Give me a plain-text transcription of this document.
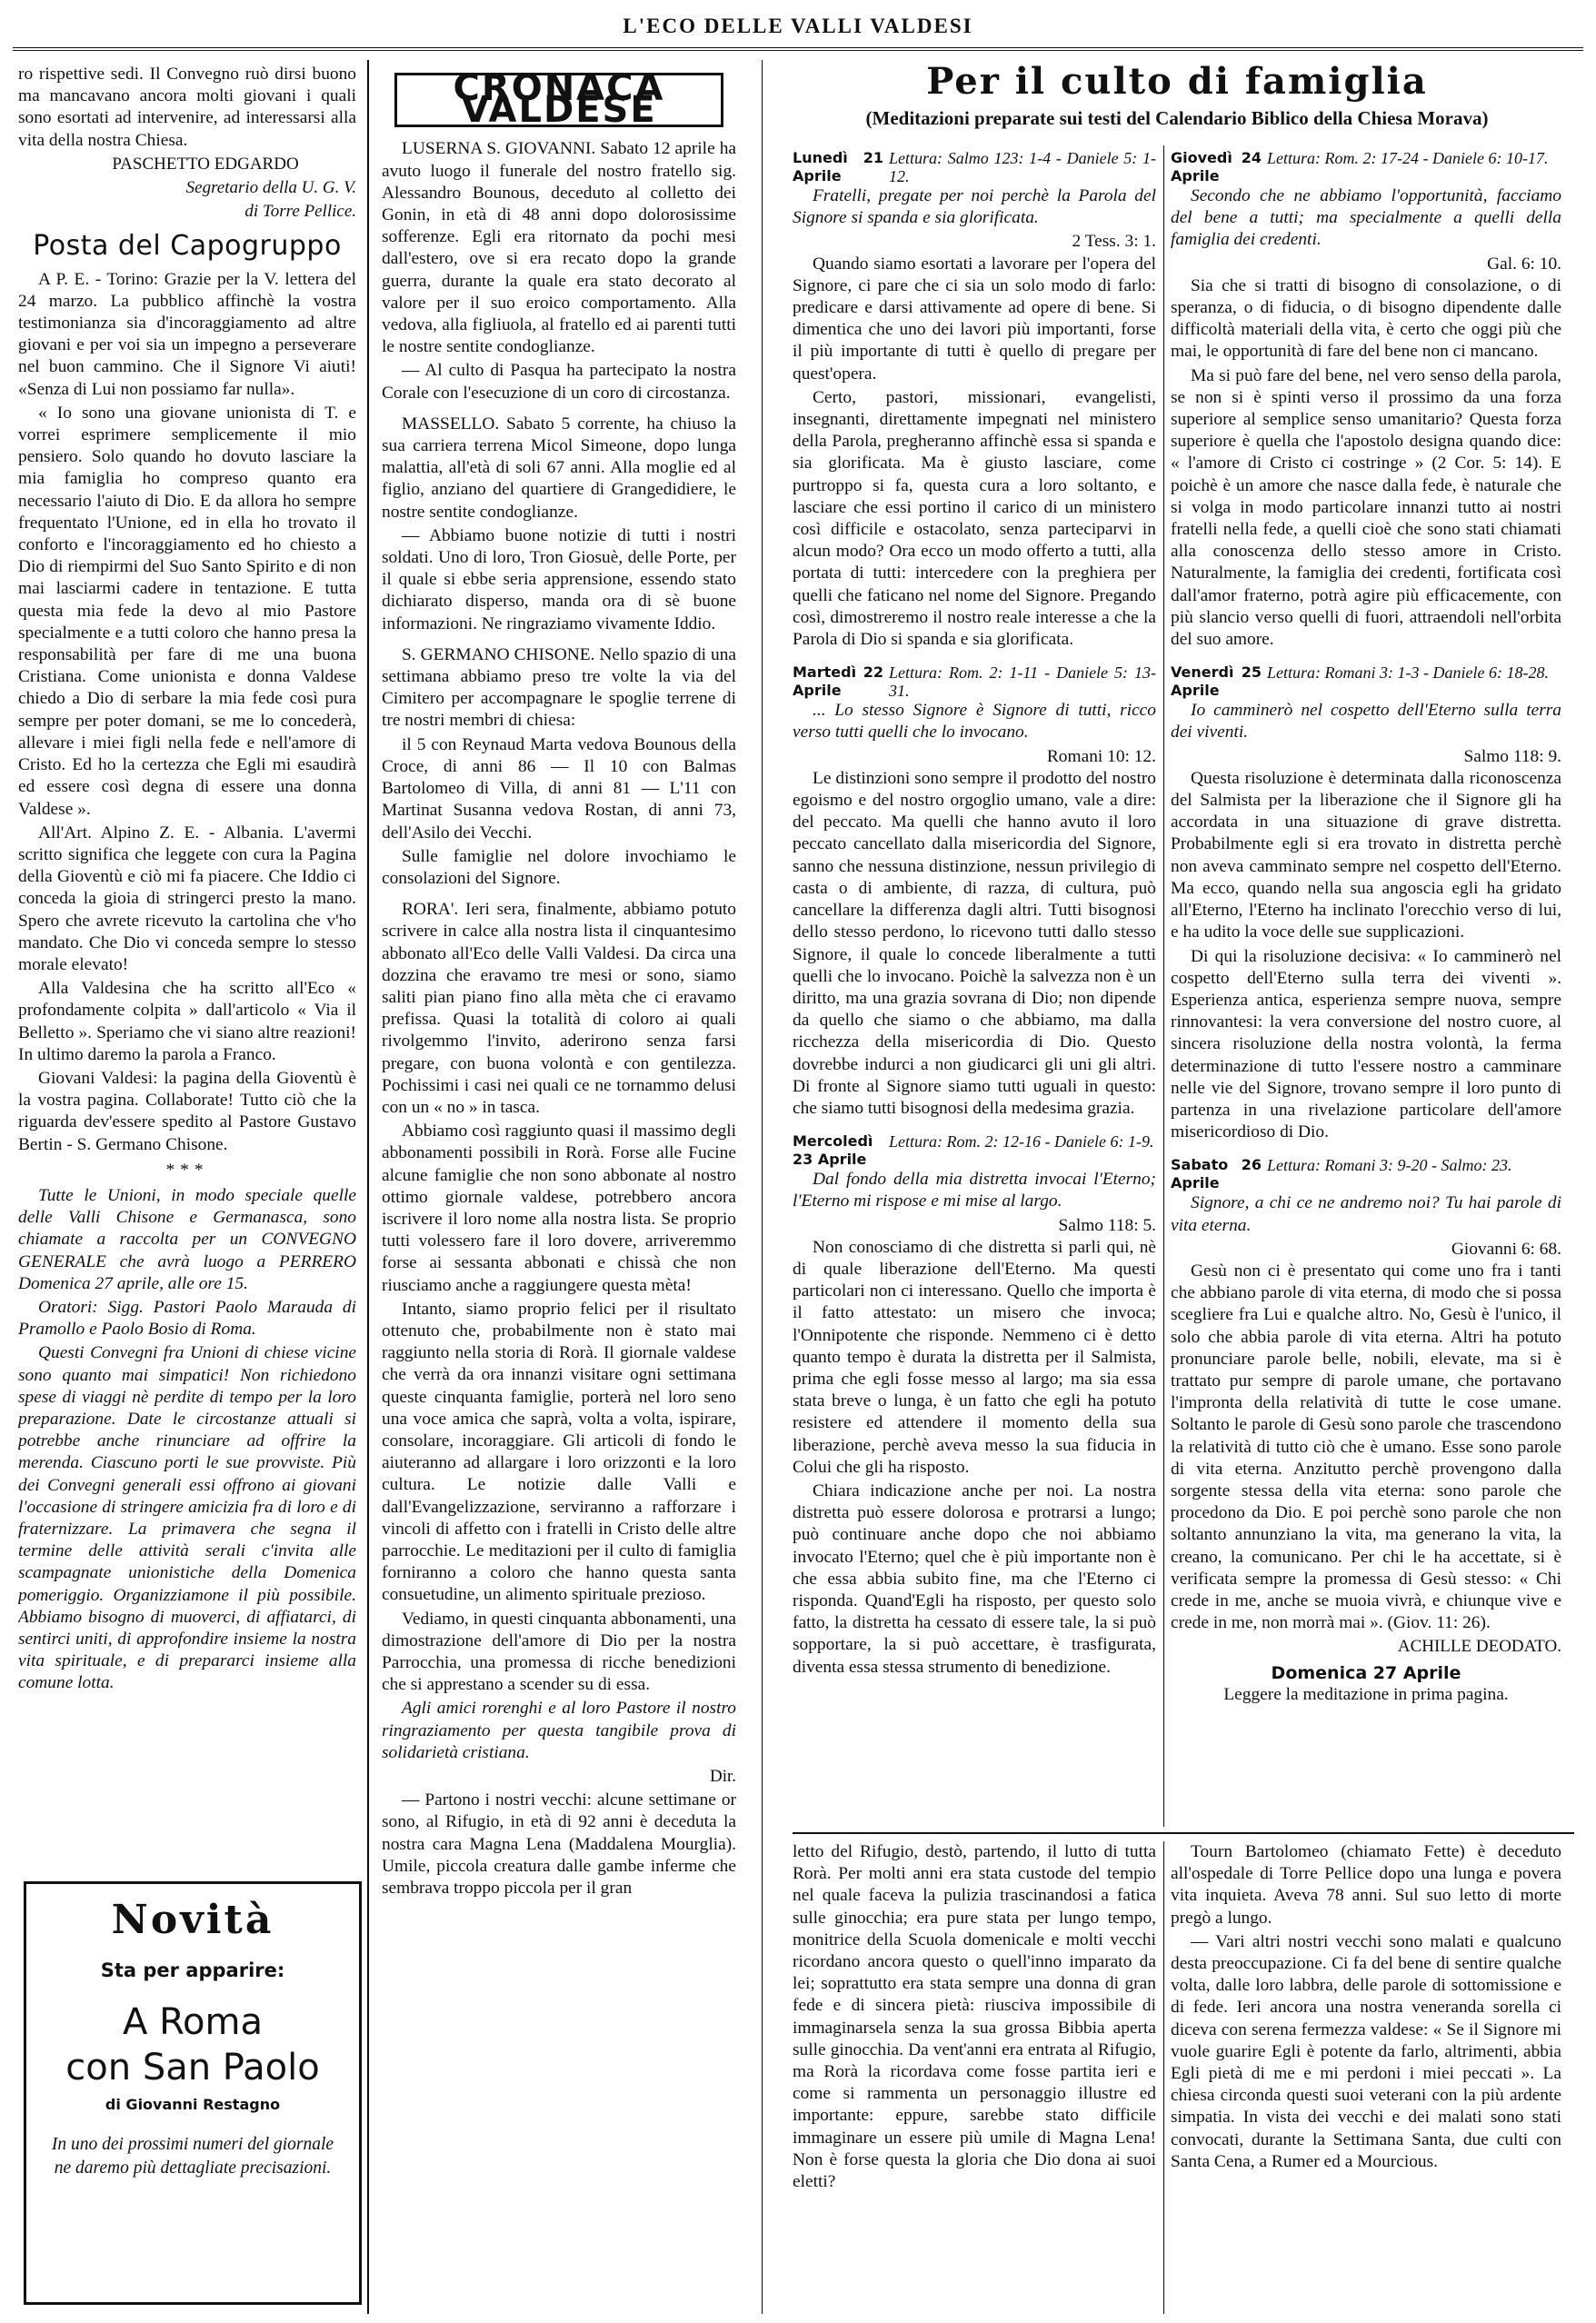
L'ECO DELLE VALLI VALDESI

ro rispettive sedi. Il Convegno ruò dirsi buono ma mancavano ancora molti giovani i quali sono esortati ad intervenire, ad interessarsi alla vita della nostra Chiesa.

PASCHETTO EDGARDO
Segretario della U. G. V.
di Torre Pellice.
Posta del Capogruppo

A P. E. - Torino: Grazie per la V. lettera del 24 marzo. La pubblico affinchè la vostra testimonianza sia d'incoraggiamento ad altre giovani e per voi sia un impegno a perseverare nel buon cammino. Che il Signore Vi aiuti! «Senza di Lui non possiamo far nulla».

« Io sono una giovane unionista di T. e vorrei esprimere semplicemente il mio pensiero. Solo quando ho dovuto lasciare la mia famiglia ho compreso quanto era necessario l'aiuto di Dio. E da allora ho sempre frequentato l'Unione, ed in ella ho trovato il conforto e l'incoraggiamento ed ho chiesto a Dio di riempirmi del Suo Santo Spirito e di non mai lasciarmi cadere in tentazione. E tutta questa mia fede la devo al mio Pastore specialmente e a tutti coloro che hanno presa la responsabilità per fare di me una buona Cristiana. Come unionista e donna Valdese chiedo a Dio di serbare la mia fede così pura sempre per poter domani, se me lo concederà, allevare i miei figli nella fede e nell'amore di Cristo. Ed ho la certezza che Egli mi esaudirà ed essere così degna di essere una donna Valdese ».

All'Art. Alpino Z. E. - Albania. L'avermi scritto significa che leggete con cura la Pagina della Gioventù e ciò mi fa piacere. Che Iddio ci conceda la gioia di stringerci presto la mano. Spero che avrete ricevuto la cartolina che v'ho mandato. Che Dio vi conceda sempre lo stesso morale elevato!

Alla Valdesina che ha scritto all'Eco « profondamente colpita » dall'articolo « Via il Belletto ». Speriamo che vi siano altre reazioni! In ultimo daremo la parola a Franco.

Giovani Valdesi: la pagina della Gioventù è la vostra pagina. Collaborate! Tutto ciò che la riguarda dev'essere spedito al Pastore Gustavo Bertin - S. Germano Chisone.

***

Tutte le Unioni, in modo speciale quelle delle Valli Chisone e Germanasca, sono chiamate a raccolta per un CONVEGNO GENERALE che avrà luogo a PERRERO Domenica 27 aprile, alle ore 15.

Oratori: Sigg. Pastori Paolo Marauda di Pramollo e Paolo Bosio di Roma.

Questi Convegni fra Unioni di chiese vicine sono quanto mai simpatici! Non richiedono spese di viaggi nè perdite di tempo per la loro preparazione. Date le circostanze attuali si potrebbe anche rinunciare ad offrire la merenda. Ciascuno porti le sue provviste. Più dei Convegni generali essi offrono ai giovani l'occasione di stringere amicizia fra di loro e di fraternizzare. La primavera che segna il termine delle attività serali c'invita alle scampagnate unionistiche della Domenica pomeriggio. Organizziamone il più possibile. Abbiamo bisogno di muoverci, di affiatarci, di sentirci uniti, di approfondire insieme la nostra vita spirituale, e di prepararci insieme alla comune lotta.

Novità
Sta per apparire:
A Roma
con San Paolo
di Giovanni Restagno
In uno dei prossimi numeri del giornale ne daremo più dettagliate precisazioni.
CRONACA VALDESE

LUSERNA S. GIOVANNI. Sabato 12 aprile ha avuto luogo il funerale del nostro fratello sig. Alessandro Bounous, deceduto al colletto dei Gonin, in età di 48 anni dopo dolorosissime sofferenze. Egli era ritornato da pochi mesi dall'estero, ove si era recato dopo la grande guerra, durante la quale era stato decorato al valore per il suo eroico comportamento. Alla vedova, alla figliuola, al fratello ed ai parenti tutti le nostre sentite condoglianze.

— Al culto di Pasqua ha partecipato la nostra Corale con l'esecuzione di un coro di circostanza.

MASSELLO. Sabato 5 corrente, ha chiuso la sua carriera terrena Micol Simeone, dopo lunga malattia, all'età di soli 67 anni. Alla moglie ed al figlio, anziano del quartiere di Grangedidiere, le nostre sentite condoglianze.

— Abbiamo buone notizie di tutti i nostri soldati. Uno di loro, Tron Giosuè, delle Porte, per il quale si ebbe seria apprensione, essendo stato dichiarato disperso, manda ora di sè buone informazioni. Ne ringraziamo vivamente Iddio.

S. GERMANO CHISONE. Nello spazio di una settimana abbiamo preso tre volte la via del Cimitero per accompagnare le spoglie terrene di tre nostri membri di chiesa:

il 5 con Reynaud Marta vedova Bounous della Croce, di anni 86 — Il 10 con Balmas Bartolomeo di Villa, di anni 81 — L'11 con Martinat Susanna vedova Rostan, di anni 73, dell'Asilo dei Vecchi.

Sulle famiglie nel dolore invochiamo le consolazioni del Signore.

RORA'. Ieri sera, finalmente, abbiamo potuto scrivere in calce alla nostra lista il cinquantesimo abbonato all'Eco delle Valli Valdesi. Da circa una dozzina che eravamo tre mesi or sono, siamo saliti pian piano fino alla mèta che ci eravamo prefissa. Quasi la totalità di coloro ai quali rivolgemmo l'invito, aderirono senza farsi pregare, con buona volontà e con gentilezza. Pochissimi i casi nei quali ce ne tornammo delusi con un « no » in tasca.

Abbiamo così raggiunto quasi il massimo degli abbonamenti possibili in Rorà. Forse alle Fucine alcune famiglie che non sono abbonate al nostro ottimo giornale valdese, potrebbero ancora iscrivere il loro nome alla nostra lista. Se proprio tutti volessero fare il loro dovere, arriveremmo forse ai sessanta abbonati e chissà che non riusciamo anche a raggiungere questa mèta!

Intanto, siamo proprio felici per il risultato ottenuto che, probabilmente non è stato mai raggiunto nella storia di Rorà. Il giornale valdese che verrà da ora innanzi visitare ogni settimana queste cinquanta famiglie, porterà nel loro seno una voce amica che saprà, volta a volta, ispirare, consolare, incoraggiare. Gli articoli di fondo le aiuteranno ad allargare i loro orizzonti e la loro cultura. Le notizie dalle Valli e dall'Evangelizzazione, serviranno a rafforzare i vincoli di affetto con i fratelli in Cristo delle altre parrocchie. Le meditazioni per il culto di famiglia forniranno a coloro che hanno questa santa consuetudine, un alimento spirituale prezioso.

Vediamo, in questi cinquanta abbonamenti, una dimostrazione dell'amore di Dio per la nostra Parrocchia, una promessa di ricche benedizioni che si apprestano a scender su di essa.

Agli amici rorenghi e al loro Pastore il nostro ringraziamento per questa tangibile prova di solidarietà cristiana.

Dir.

— Partono i nostri vecchi: alcune settimane or sono, al Rifugio, in età di 92 anni è deceduta la nostra cara Magna Lena (Maddalena Mourglia). Umile, piccola creatura dalle gambe inferme che sembrava troppo piccola per il gran

Per il culto di famiglia
(Meditazioni preparate sui testi del Calendario Biblico della Chiesa Morava)
Lunedì 21 Aprile
Lettura: Salmo 123: 1-4 - Daniele 5: 1-12.

Fratelli, pregate per noi perchè la Parola del Signore si spanda e sia glorificata.

2 Tess. 3: 1.

Quando siamo esortati a lavorare per l'opera del Signore, ci pare che ci sia un solo modo di farlo: predicare e darsi attivamente ad opere di bene. Si dimentica che uno dei lavori più importanti, forse il più importante di tutti è quello di pregare per quest'opera.

Certo, pastori, missionari, evangelisti, insegnanti, direttamente impegnati nel ministero della Parola, pregheranno affinchè essa si spanda e sia glorificata. Ma è giusto lasciare, come purtroppo si fa, questa cura a loro soltanto, e lasciare che essi portino il carico di un ministero così difficile e ostacolato, senza parteciparvi in alcun modo? Ora ecco un modo offerto a tutti, alla portata di tutti: intercedere con la preghiera per quelli che faticano nel nome del Signore. Pregando così, dimostreremo il nostro reale interesse a che la Parola di Dio si spanda e sia glorificata.

Martedì 22 Aprile
Lettura: Rom. 2: 1-11 - Daniele 5: 13-31.

... Lo stesso Signore è Signore di tutti, ricco verso tutti quelli che lo invocano.

Romani 10: 12.

Le distinzioni sono sempre il prodotto del nostro egoismo e del nostro orgoglio umano, vale a dire: del peccato. Ma quelli che hanno avuto il loro peccato cancellato dalla misericordia del Signore, sanno che nessuna distinzione, nessun privilegio di casta o di ambiente, di razza, di cultura, può cancellare la differenza dagli altri. Tutti bisognosi dello stesso perdono, lo ricevono tutti dallo stesso Signore, il quale lo concede liberalmente a tutti quelli che lo invocano. Poichè la salvezza non è un diritto, ma una grazia sovrana di Dio; non dipende da quello che siamo o che abbiamo, ma dalla ricchezza della misericordia di Dio. Questo dovrebbe indurci a non giudicarci gli uni gli altri. Di fronte al Signore siamo tutti uguali in questo: che siamo tutti bisognosi della medesima grazia.

Mercoledì 23 Aprile
Lettura: Rom. 2: 12-16 - Daniele 6: 1-9.

Dal fondo della mia distretta invocai l'Eterno; l'Eterno mi rispose e mi mise al largo.

Salmo 118: 5.

Non conosciamo di che distretta si parli qui, nè di quale liberazione dell'Eterno. Ma questi particolari non ci interessano. Quello che importa è il fatto attestato: un misero che invoca; l'Onnipotente che risponde. Nemmeno ci è detto quanto tempo è durata la distretta per il Salmista, prima che egli fosse messo al largo; ma sia essa stata breve o lunga, è un fatto che egli ha potuto resistere ed attendere il momento della sua liberazione, perchè aveva messo la sua fiducia in Colui che gli ha risposto.

Chiara indicazione anche per noi. La nostra distretta può essere dolorosa e protrarsi a lungo; può continuare anche dopo che noi abbiamo invocato l'Eterno; quel che è più importante non è che essa abbia subito fine, ma che l'Eterno ci risponda. Quand'Egli ha risposto, per questo solo fatto, la distretta ha cessato di essere tale, la si può sopportare, la si può accettare, è trasfigurata, diventa essa stessa strumento di benedizione.

Giovedì 24 Aprile
Lettura: Rom. 2: 17-24 - Daniele 6: 10-17.

Secondo che ne abbiamo l'opportunità, facciamo del bene a tutti; ma specialmente a quelli della famiglia dei credenti.

Gal. 6: 10.

Sia che si tratti di bisogno di consolazione, o di speranza, o di fiducia, o di bisogno dipendente dalle difficoltà materiali della vita, è certo che oggi più che mai, le opportunità di fare del bene non ci mancano.

Ma si può fare del bene, nel vero senso della parola, se non si è spinti verso il prossimo da una forza superiore al semplice senso umanitario? Questa forza superiore è quella che l'apostolo designa quando dice: « l'amore di Cristo ci costringe » (2 Cor. 5: 14). E poichè è un amore che nasce dalla fede, è naturale che si volga in modo particolare innanzi tutto ai nostri fratelli nella fede, a quelli cioè che sono stati chiamati alla conoscenza dello stesso amore in Cristo. Naturalmente, la famiglia dei credenti, fortificata così dall'amor fraterno, potrà agire più efficacemente, con più slancio verso quelli di fuori, attraendoli nell'orbita del suo amore.

Venerdì 25 Aprile
Lettura: Romani 3: 1-3 - Daniele 6: 18-28.

Io camminerò nel cospetto dell'Eterno sulla terra dei viventi.

Salmo 118: 9.

Questa risoluzione è determinata dalla riconoscenza del Salmista per la liberazione che il Signore gli ha accordata in una situazione di grave distretta. Probabilmente egli si era trovato in distretta perchè non aveva camminato sempre nel cospetto dell'Eterno. Ma ecco, quando nella sua angoscia egli ha gridato all'Eterno, l'Eterno ha inclinato l'orecchio verso di lui, e ha udito la voce delle sue supplicazioni.

Di qui la risoluzione decisiva: « Io camminerò nel cospetto dell'Eterno sulla terra dei viventi ». Esperienza antica, esperienza sempre nuova, sempre rinnovantesi: la vera conversione del nostro cuore, al sincera risoluzione della nostra volontà, la ferma determinazione di tutto l'essere nostro a camminare nelle vie del Signore, trovano sempre il loro punto di partenza in una rivelazione particolare dell'amore misericordioso di Dio.

Sabato 26 Aprile
Lettura: Romani 3: 9-20 - Salmo: 23.

Signore, a chi ce ne andremo noi? Tu hai parole di vita eterna.

Giovanni 6: 68.

Gesù non ci è presentato qui come uno fra i tanti che abbiano parole di vita eterna, di modo che si possa scegliere fra Lui e qualche altro. No, Gesù è l'unico, il solo che abbia parole di vita eterna. Altri ha potuto pronunciare parole belle, nobili, elevate, ma si è trattato pur sempre di parole umane, che portavano l'impronta della relatività di tutte le cose umane. Soltanto le parole di Gesù sono parole che trascendono la relatività di tutto ciò che è umano. Esse sono parole di vita eterna. Anzitutto perchè provengono dalla sorgente stessa della vita eterna: sono parole che procedono da Dio. E poi perchè sono parole che non soltanto annunziano la vita, ma generano la vita, la creano, la comunicano. Per chi le ha accettate, si è verificata sempre la promessa di Gesù stesso: « Chi crede in me, anche se muoia vivrà, e chiunque vive e crede in me, non morrà mai ». (Giov. 11: 26).

ACHILLE DEODATO.
Domenica 27 Aprile
Leggere la meditazione in prima pagina.

letto del Rifugio, destò, partendo, il lutto di tutta Rorà. Per molti anni era stata custode del tempio nel quale faceva la pulizia trascinandosi a fatica sulle ginocchia; era pure stata per lungo tempo, monitrice della Scuola domenicale e molti vecchi ricordano ancora questo o quell'inno imparato da lei; soprattutto era stata sempre una donna di gran fede e di sincera pietà: riusciva impossibile di immaginarsela senza la sua grossa Bibbia aperta sulle ginocchia. Da vent'anni era entrata al Rifugio, ma Rorà la ricordava come fosse partita ieri e come si rammenta un personaggio illustre ed importante: eppure, sarebbe stato difficile immaginare un essere più umile di Magna Lena! Non è forse questa la gloria che Dio dona ai suoi eletti?

Tourn Bartolomeo (chiamato Fette) è deceduto all'ospedale di Torre Pellice dopo una lunga e povera vita inquieta. Aveva 78 anni. Sul suo letto di morte pregò a lungo.

— Vari altri nostri vecchi sono malati e qualcuno desta preoccupazione. Ci fa del bene di sentire qualche volta, dalle loro labbra, delle parole di sottomissione e di fede. Ieri ancora una nostra veneranda sorella ci diceva con serena fermezza valdese: « Se il Signore mi vuole guarire Egli è potente da farlo, altrimenti, abbia Egli pietà di me e mi perdoni i miei peccati ». La chiesa circonda questi suoi veterani con la più ardente simpatia. In vista dei vecchi e dei malati sono stati convocati, durante la Settimana Santa, due culti con Santa Cena, a Rumer ed a Mourcious.
